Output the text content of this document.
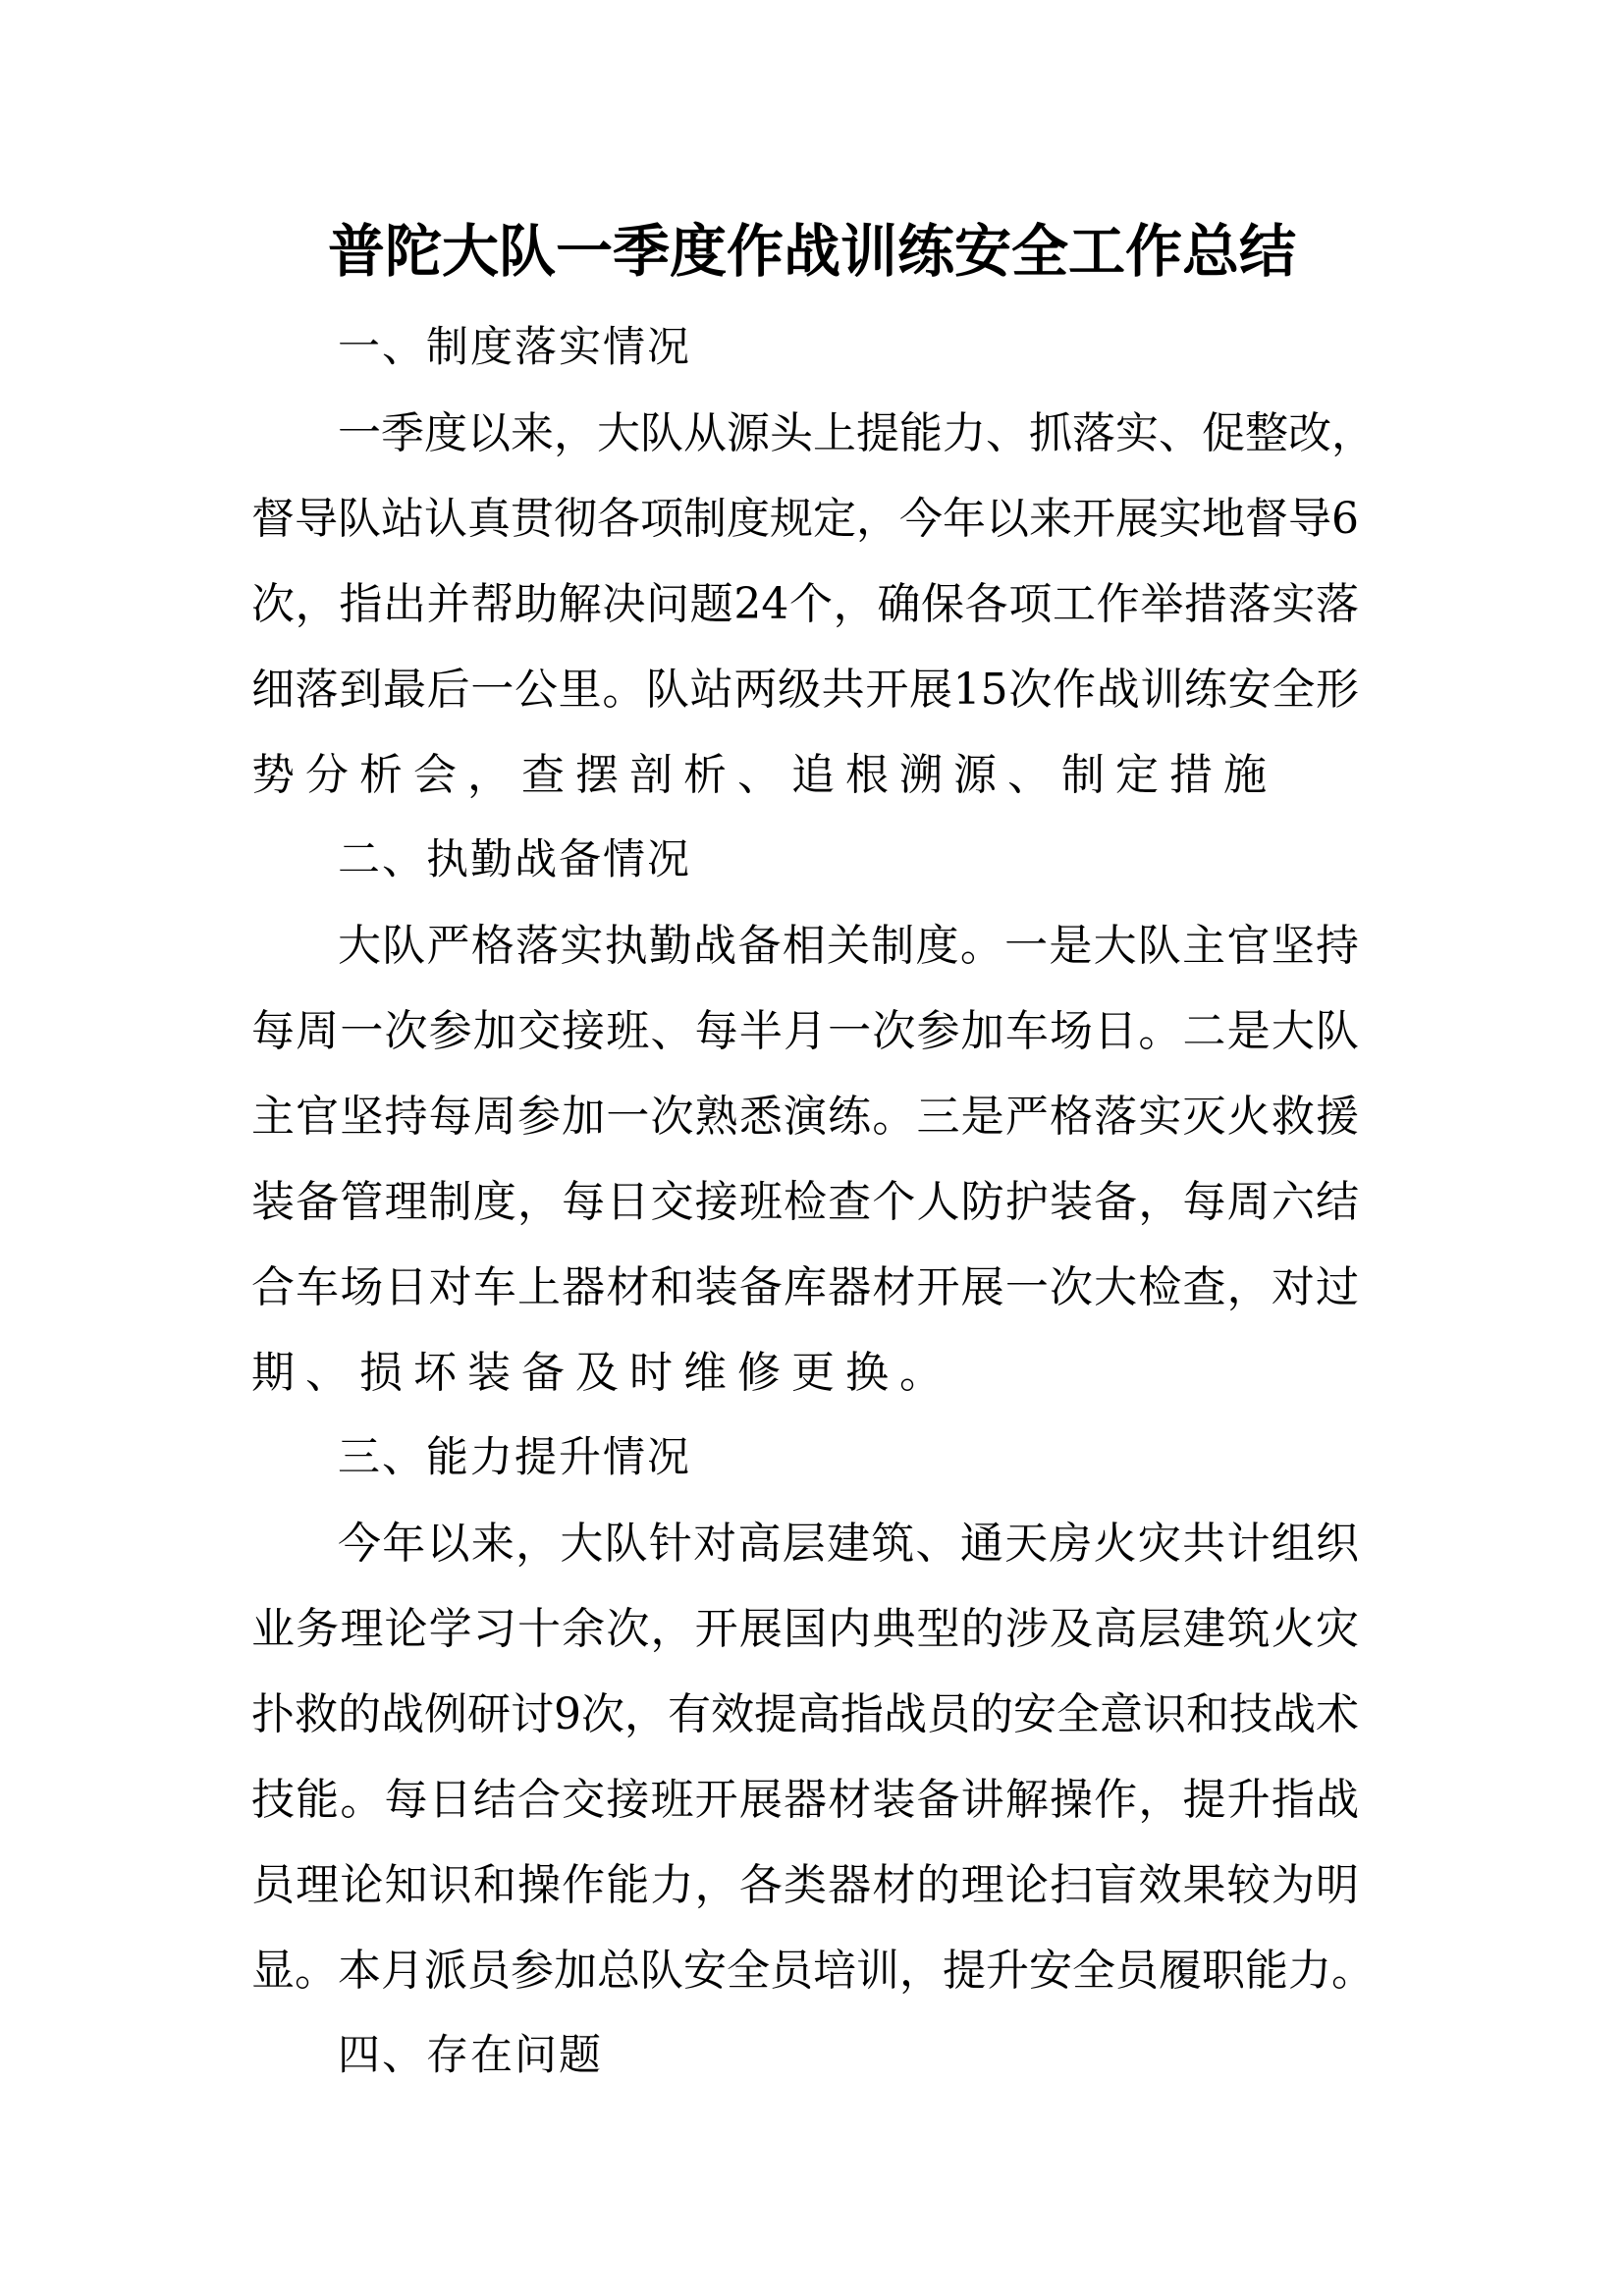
普陀大队一季度作战训练安全工作总结
一、制度落实情况
一季度以来，大队从源头上提能力、抓落实、促整改，
督导队站认真贯彻各项制度规定，今年以来开展实地督导6
次，指出并帮助解决问题24个，确保各项工作举措落实落
细落到最后一公里。队站两级共开展15次作战训练安全形
势分析会，查摆剖析、追根溯源、制定措施
二、执勤战备情况
大队严格落实执勤战备相关制度。一是大队主官坚持
每周一次参加交接班、每半月一次参加车场日。二是大队
主官坚持每周参加一次熟悉演练。三是严格落实灭火救援
装备管理制度，每日交接班检查个人防护装备，每周六结
合车场日对车上器材和装备库器材开展一次大检查，对过
期、损坏装备及时维修更换。
三、能力提升情况
今年以来，大队针对高层建筑、通天房火灾共计组织
业务理论学习十余次，开展国内典型的涉及高层建筑火灾
扑救的战例研讨9次，有效提高指战员的安全意识和技战术
技能。每日结合交接班开展器材装备讲解操作，提升指战
员理论知识和操作能力，各类器材的理论扫盲效果较为明
显。本月派员参加总队安全员培训，提升安全员履职能力。
四、存在问题
